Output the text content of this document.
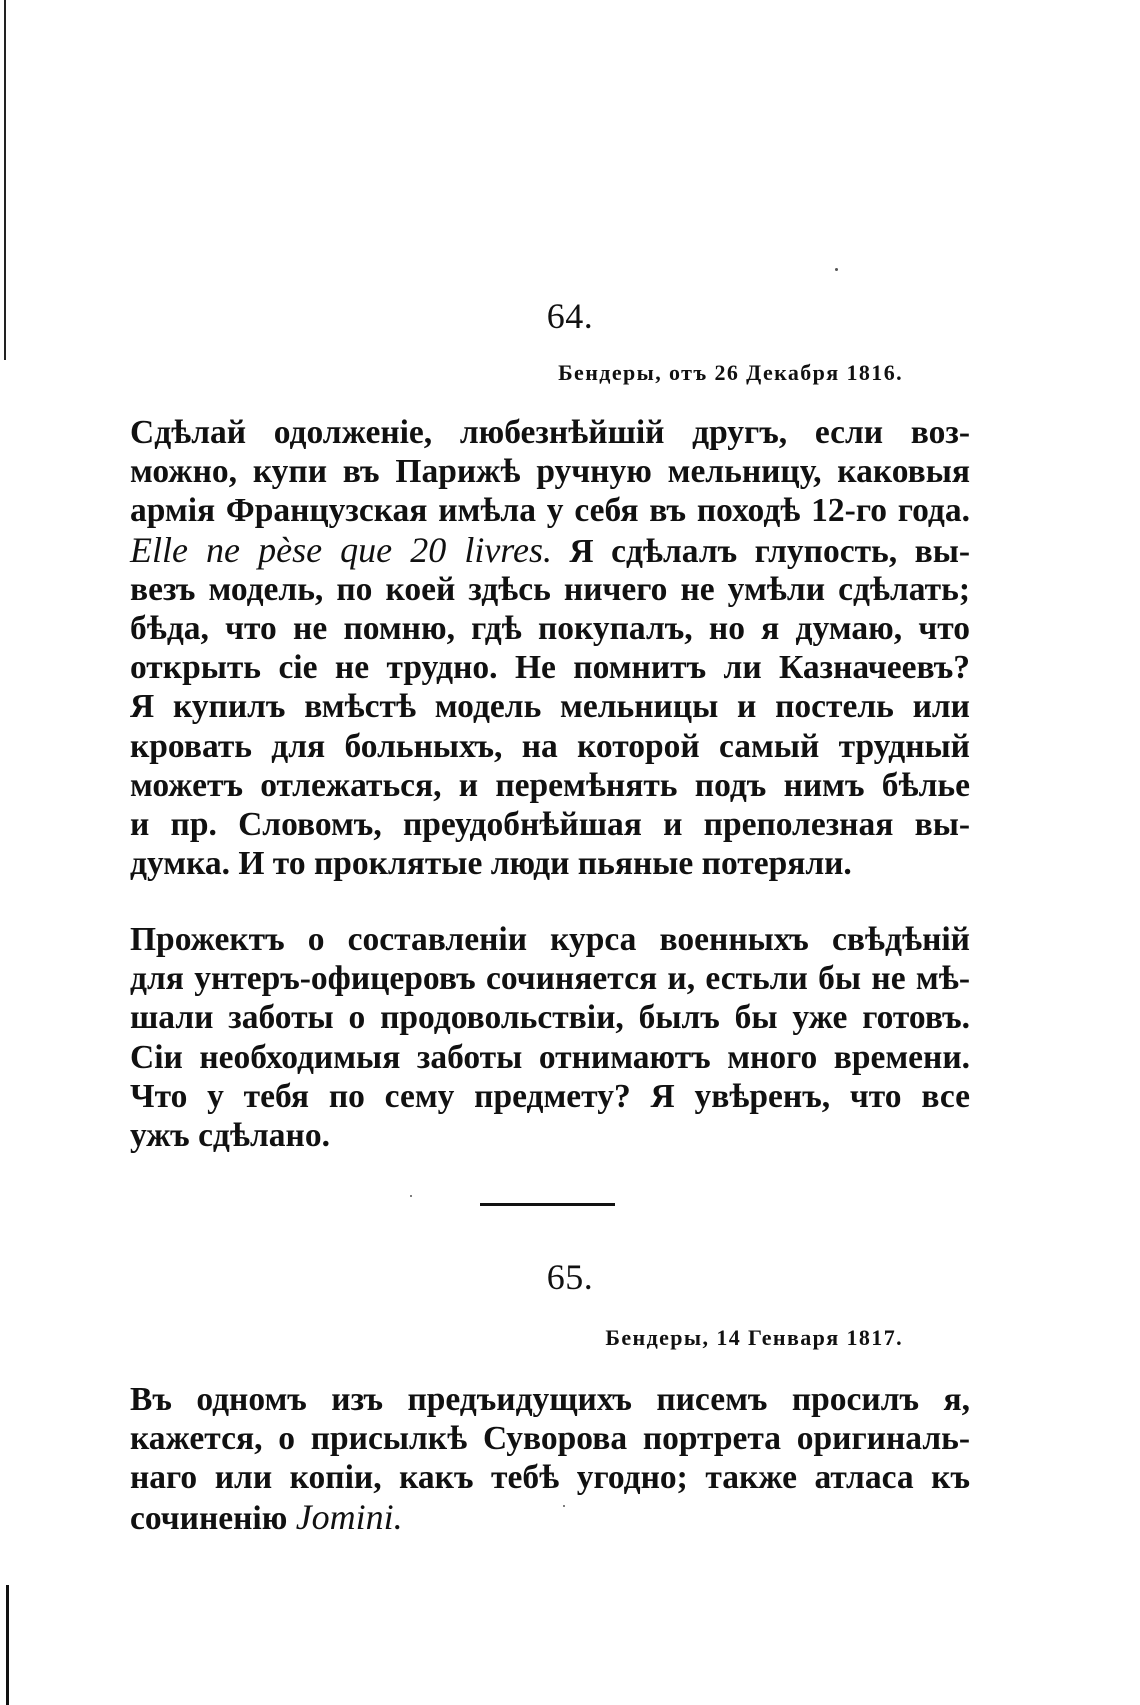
64.
Бендеры, отъ 26 Декабря 1816.
Сдѣлай одолженіе, любезнѣйшій другъ, если воз-
можно, купи въ Парижѣ ручную мельницу, каковыя
армія Французская имѣла у себя въ походѣ 12-го года.
Elle ne pèse que 20 livres. Я сдѣлалъ глупость, вы-
везъ модель, по коей здѣсь ничего не умѣли сдѣлать;
бѣда, что не помню, гдѣ покупалъ, но я думаю, что
открыть сіе не трудно. Не помнитъ ли Казначеевъ?
Я купилъ вмѣстѣ модель мельницы и постель или
кровать для больныхъ, на которой самый трудный
можетъ отлежаться, и перемѣнять подъ нимъ бѣлье
и пр. Словомъ, преудобнѣйшая и преполезная вы-
думка. И то проклятые люди пьяные потеряли.
Прожектъ о составленіи курса военныхъ свѣдѣній
для унтеръ-офицеровъ сочиняется и, естьли бы не мѣ-
шали заботы о продовольствіи, былъ бы уже готовъ.
Сіи необходимыя заботы отнимаютъ много времени.
Что у тебя по сему предмету? Я увѣренъ, что все
ужъ сдѣлано.
65.
Бендеры, 14 Генваря 1817.
Въ одномъ изъ предъидущихъ писемъ просилъ я,
кажется, о присылкѣ Суворова портрета оригиналь-
наго или копіи, какъ тебѣ угодно; также атласа къ
сочиненію Jomini.
